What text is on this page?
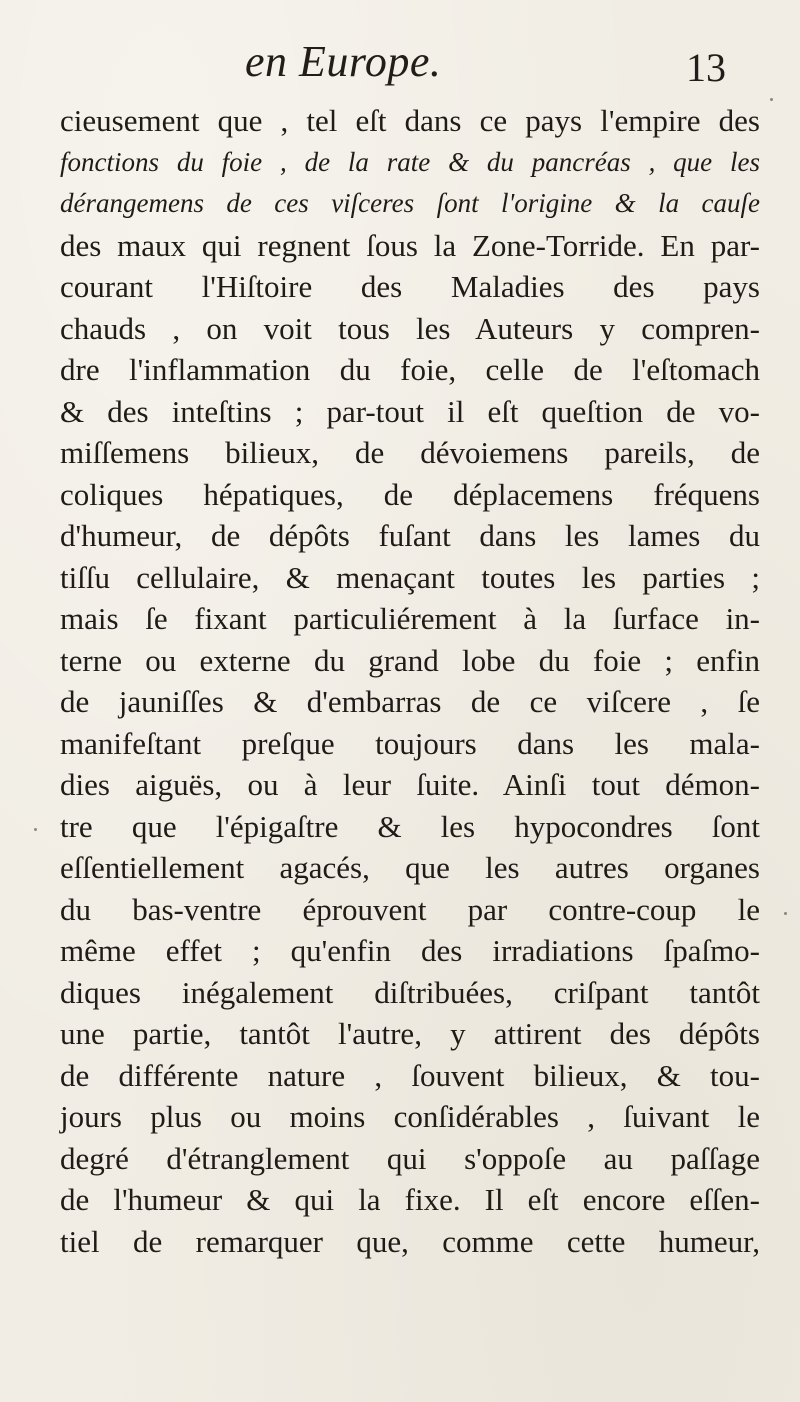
en Europe.	13
cieusement que , tel eſt dans ce pays l'empire des
fonctions du foie , de la rate & du pancréas , que les
dérangemens de ces viſceres ſont l'origine & la cauſe
des maux qui regnent ſous la Zone-Torride. En par-
courant l'Hiſtoire des Maladies des pays
chauds , on voit tous les Auteurs y compren-
dre l'inflammation du foie, celle de l'eſtomach
& des inteſtins ; par-tout il eſt queſtion de vo-
miſſemens bilieux, de dévoiemens pareils, de
coliques hépatiques, de déplacemens fréquens
d'humeur, de dépôts fuſant dans les lames du
tiſſu cellulaire, & menaçant toutes les parties ;
mais ſe fixant particuliérement à la ſurface in-
terne ou externe du grand lobe du foie ; enfin
de jauniſſes & d'embarras de ce viſcere , ſe
manifeſtant preſque toujours dans les mala-
dies aiguës, ou à leur ſuite. Ainſi tout démon-
tre que l'épigaſtre & les hypocondres ſont
eſſentiellement agacés, que les autres organes
du bas-ventre éprouvent par contre-coup le
même effet ; qu'enfin des irradiations ſpaſmo-
diques inégalement diſtribuées, criſpant tantôt
une partie, tantôt l'autre, y attirent des dépôts
de différente nature , ſouvent bilieux, & tou-
jours plus ou moins conſidérables , ſuivant le
degré d'étranglement qui s'oppoſe au paſſage
de l'humeur & qui la fixe. Il eſt encore eſſen-
tiel de remarquer que, comme cette humeur,
